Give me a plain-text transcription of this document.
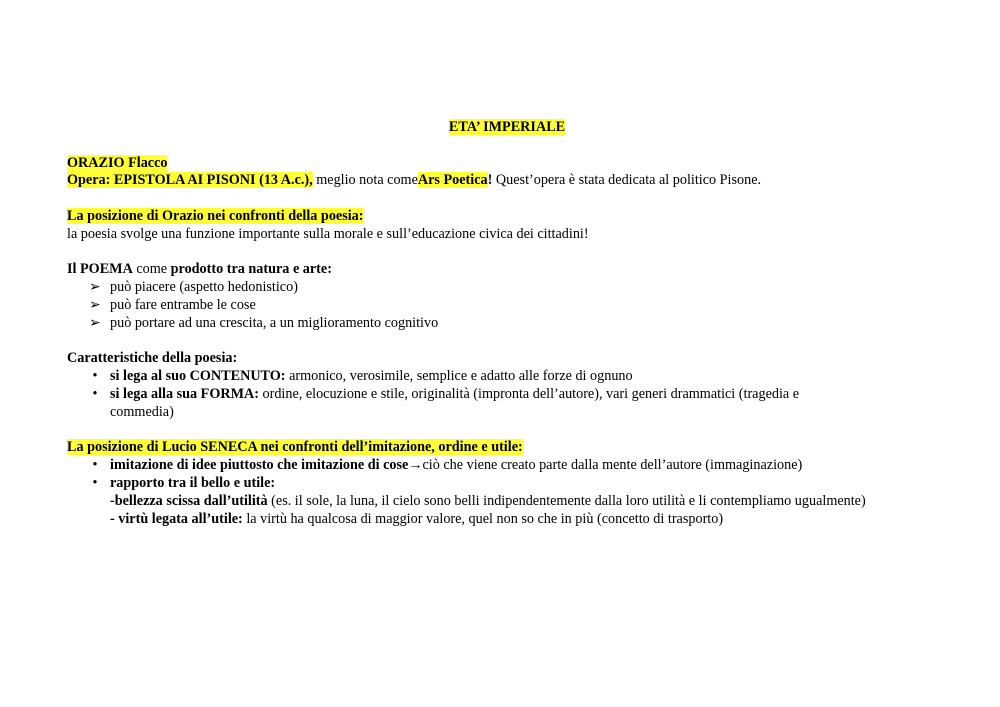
ETA’ IMPERIALE
ORAZIO Flacco
Opera: EPISTOLA AI PISONI (13 A.c.), meglio nota comeArs Poetica! Quest’opera è stata dedicata al politico Pisone.
La posizione di Orazio nei confronti della poesia:
la poesia svolge una funzione importante sulla morale e sull’educazione civica dei cittadini!
Il POEMA come prodotto tra natura e arte:
➢ può piacere (aspetto hedonistico)
➢ può fare entrambe le cose
➢ può portare ad una crescita, a un miglioramento cognitivo
Caratteristiche della poesia:
• si lega al suo CONTENUTO: armonico, verosimile, semplice e adatto alle forze di ognuno
• si lega alla sua FORMA: ordine, elocuzione e stile, originalità (impronta dell’autore), vari generi drammatici (tragedia e
commedia)
La posizione di Lucio SENECA nei confronti dell’imitazione, ordine e utile:
• imitazione di idee piuttosto che imitazione di cose→ciò che viene creato parte dalla mente dell’autore (immaginazione)
• rapporto tra il bello e utile:
-bellezza scissa dall’utilità (es. il sole, la luna, il cielo sono belli indipendentemente dalla loro utilità e li contempliamo ugualmente)
- virtù legata all’utile: la virtù ha qualcosa di maggior valore, quel non so che in più (concetto di trasporto)
